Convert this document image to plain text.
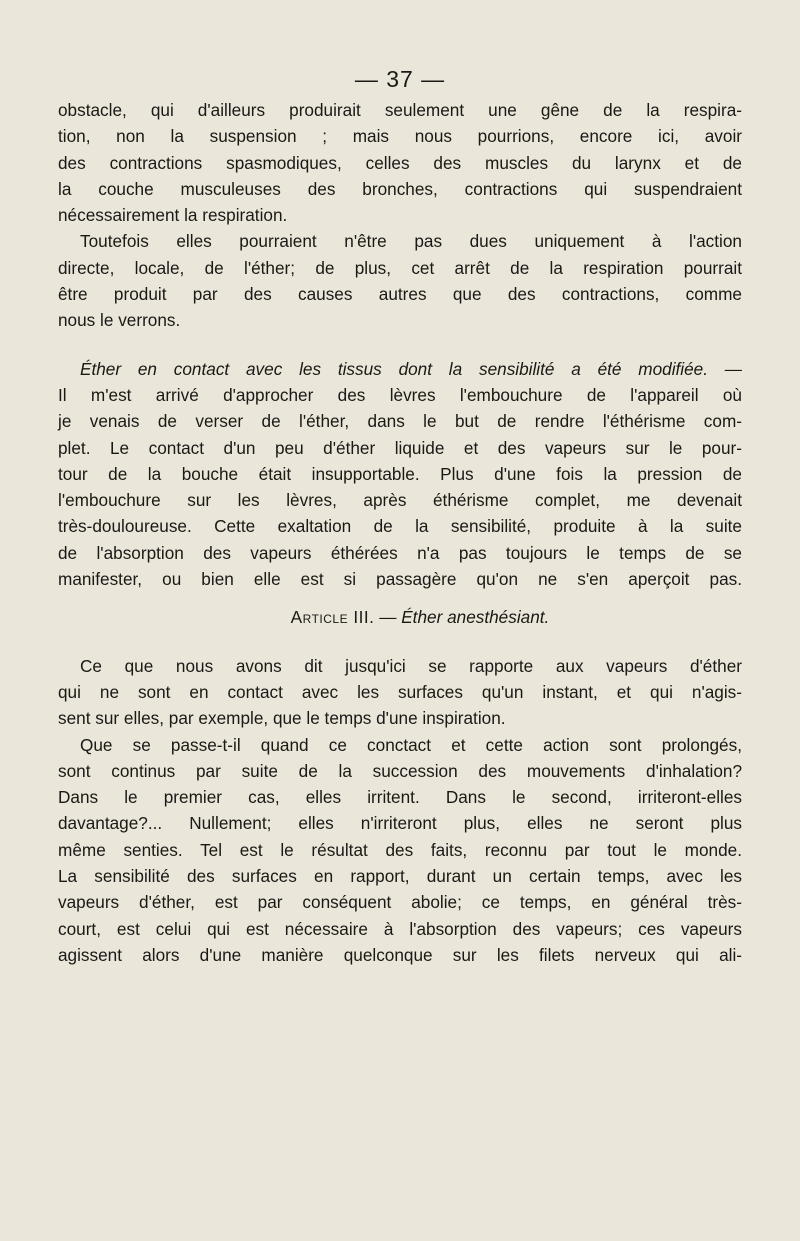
— 37 —
obstacle, qui d'ailleurs produirait seulement une gêne de la respira-
tion, non la suspension ; mais nous pourrions, encore ici, avoir
des contractions spasmodiques, celles des muscles du larynx et de
la couche musculeuses des bronches, contractions qui suspendraient
nécessairement la respiration.
Toutefois elles pourraient n'être pas dues uniquement à l'action
directe, locale, de l'éther; de plus, cet arrêt de la respiration pourrait
être produit par des causes autres que des contractions, comme
nous le verrons.
Éther en contact avec les tissus dont la sensibilité a été modifiée. —
Il m'est arrivé d'approcher des lèvres l'embouchure de l'appareil où
je venais de verser de l'éther, dans le but de rendre l'éthérisme com-
plet. Le contact d'un peu d'éther liquide et des vapeurs sur le pour-
tour de la bouche était insupportable. Plus d'une fois la pression de
l'embouchure sur les lèvres, après éthérisme complet, me devenait
très-douloureuse. Cette exaltation de la sensibilité, produite à la suite
de l'absorption des vapeurs éthérées n'a pas toujours le temps de se
manifester, ou bien elle est si passagère qu'on ne s'en aperçoit pas.
Article III. — Éther anesthésiant.
Ce que nous avons dit jusqu'ici se rapporte aux vapeurs d'éther
qui ne sont en contact avec les surfaces qu'un instant, et qui n'agis-
sent sur elles, par exemple, que le temps d'une inspiration.
Que se passe-t-il quand ce conctact et cette action sont prolongés,
sont continus par suite de la succession des mouvements d'inhalation?
Dans le premier cas, elles irritent. Dans le second, irriteront-elles
davantage?... Nullement; elles n'irriteront plus, elles ne seront plus
même senties. Tel est le résultat des faits, reconnu par tout le monde.
La sensibilité des surfaces en rapport, durant un certain temps, avec les
vapeurs d'éther, est par conséquent abolie; ce temps, en général très-
court, est celui qui est nécessaire à l'absorption des vapeurs; ces vapeurs
agissent alors d'une manière quelconque sur les filets nerveux qui ali-
